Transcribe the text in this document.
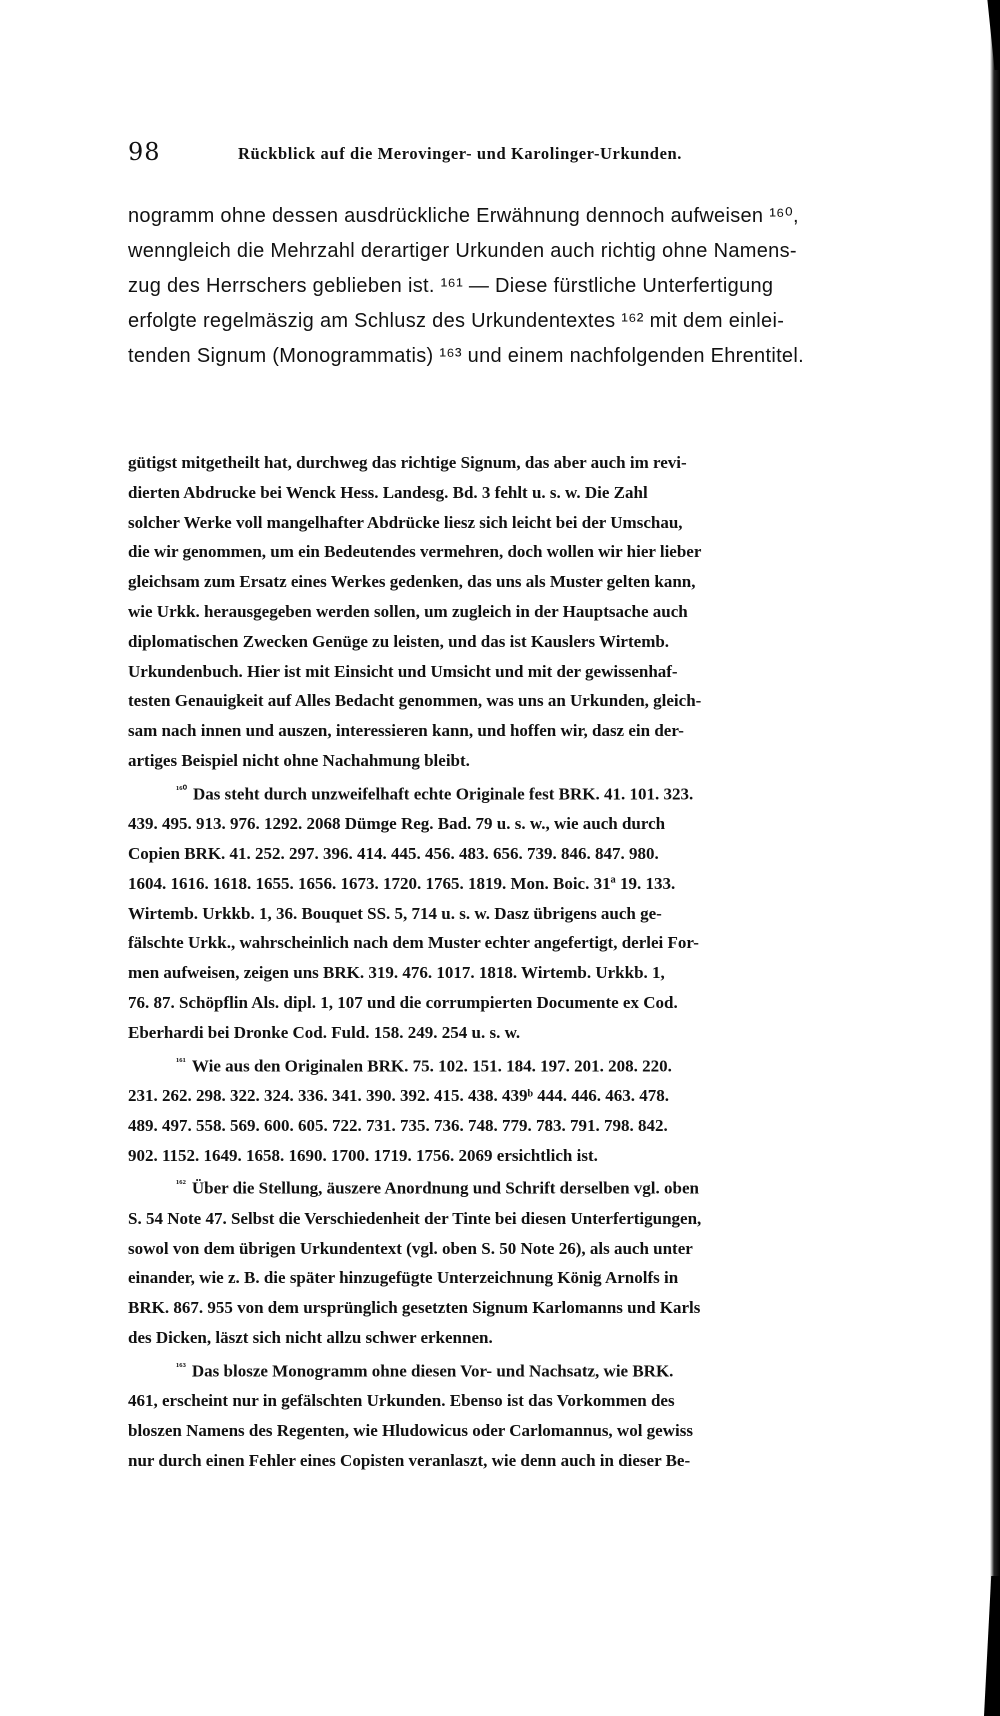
98	Rückblick auf die Merovinger- und Karolinger-Urkunden.
nogramm ohne dessen ausdrückliche Erwähnung dennoch aufweisen ¹⁶⁰,
wenngleich die Mehrzahl derartiger Urkunden auch richtig ohne Namens-
zug des Herrschers geblieben ist. ¹⁶¹ — Diese fürstliche Unterfertigung
erfolgte regelmäszig am Schlusz des Urkundentextes ¹⁶² mit dem einlei-
tenden Signum (Monogrammatis) ¹⁶³ und einem nachfolgenden Ehrentitel.
gütigst mitgetheilt hat, durchweg das richtige Signum, das aber auch im revi-
dierten Abdrucke bei Wenck Hess. Landesg. Bd. 3 fehlt u. s. w. Die Zahl
solcher Werke voll mangelhafter Abdrücke liesz sich leicht bei der Umschau,
die wir genommen, um ein Bedeutendes vermehren, doch wollen wir hier lieber
gleichsam zum Ersatz eines Werkes gedenken, das uns als Muster gelten kann,
wie Urkk. herausgegeben werden sollen, um zugleich in der Hauptsache auch
diplomatischen Zwecken Genüge zu leisten, und das ist Kauslers Wirtemb.
Urkundenbuch. Hier ist mit Einsicht und Umsicht und mit der gewissenhaf-
testen Genauigkeit auf Alles Bedacht genommen, was uns an Urkunden, gleich-
sam nach innen und auszen, interessieren kann, und hoffen wir, dasz ein der-
artiges Beispiel nicht ohne Nachahmung bleibt.
$^{^{160}}$ Das steht durch unzweifelhaft echte Originale fest BRK. 41. 101. 323.
439. 495. 913. 976. 1292. 2068 Dümge Reg. Bad. 79 u. s. w., wie auch durch
Copien BRK. 41. 252. 297. 396. 414. 445. 456. 483. 656. 739. 846. 847. 980.
1604. 1616. 1618. 1655. 1656. 1673. 1720. 1765. 1819. Mon. Boic. 31ª 19. 133.
Wirtemb. Urkkb. 1, 36. Bouquet SS. 5, 714 u. s. w. Dasz übrigens auch ge-
fälschte Urkk., wahrscheinlich nach dem Muster echter angefertigt, derlei For-
men aufweisen, zeigen uns BRK. 319. 476. 1017. 1818. Wirtemb. Urkkb. 1,
76. 87. Schöpflin Als. dipl. 1, 107 und die corrumpierten Documente ex Cod.
Eberhardi bei Dronke Cod. Fuld. 158. 249. 254 u. s. w.
$^{^{161}}$ Wie aus den Originalen BRK. 75. 102. 151. 184. 197. 201. 208. 220.
231. 262. 298. 322. 324. 336. 341. 390. 392. 415. 438. 439ᵇ 444. 446. 463. 478.
489. 497. 558. 569. 600. 605. 722. 731. 735. 736. 748. 779. 783. 791. 798. 842.
902. 1152. 1649. 1658. 1690. 1700. 1719. 1756. 2069 ersichtlich ist.
$^{^{162}}$ Über die Stellung, äuszere Anordnung und Schrift derselben vgl. oben
S. 54 Note 47. Selbst die Verschiedenheit der Tinte bei diesen Unterfertigungen,
sowol von dem übrigen Urkundentext (vgl. oben S. 50 Note 26), als auch unter
einander, wie z. B. die später hinzugefügte Unterzeichnung König Arnolfs in
BRK. 867. 955 von dem ursprünglich gesetzten Signum Karlomanns und Karls
des Dicken, läszt sich nicht allzu schwer erkennen.
$^{^{163}}$ Das blosze Monogramm ohne diesen Vor- und Nachsatz, wie BRK.
461, erscheint nur in gefälschten Urkunden. Ebenso ist das Vorkommen des
bloszen Namens des Regenten, wie Hludowicus oder Carlomannus, wol gewiss
nur durch einen Fehler eines Copisten veranlaszt, wie denn auch in dieser Be-
